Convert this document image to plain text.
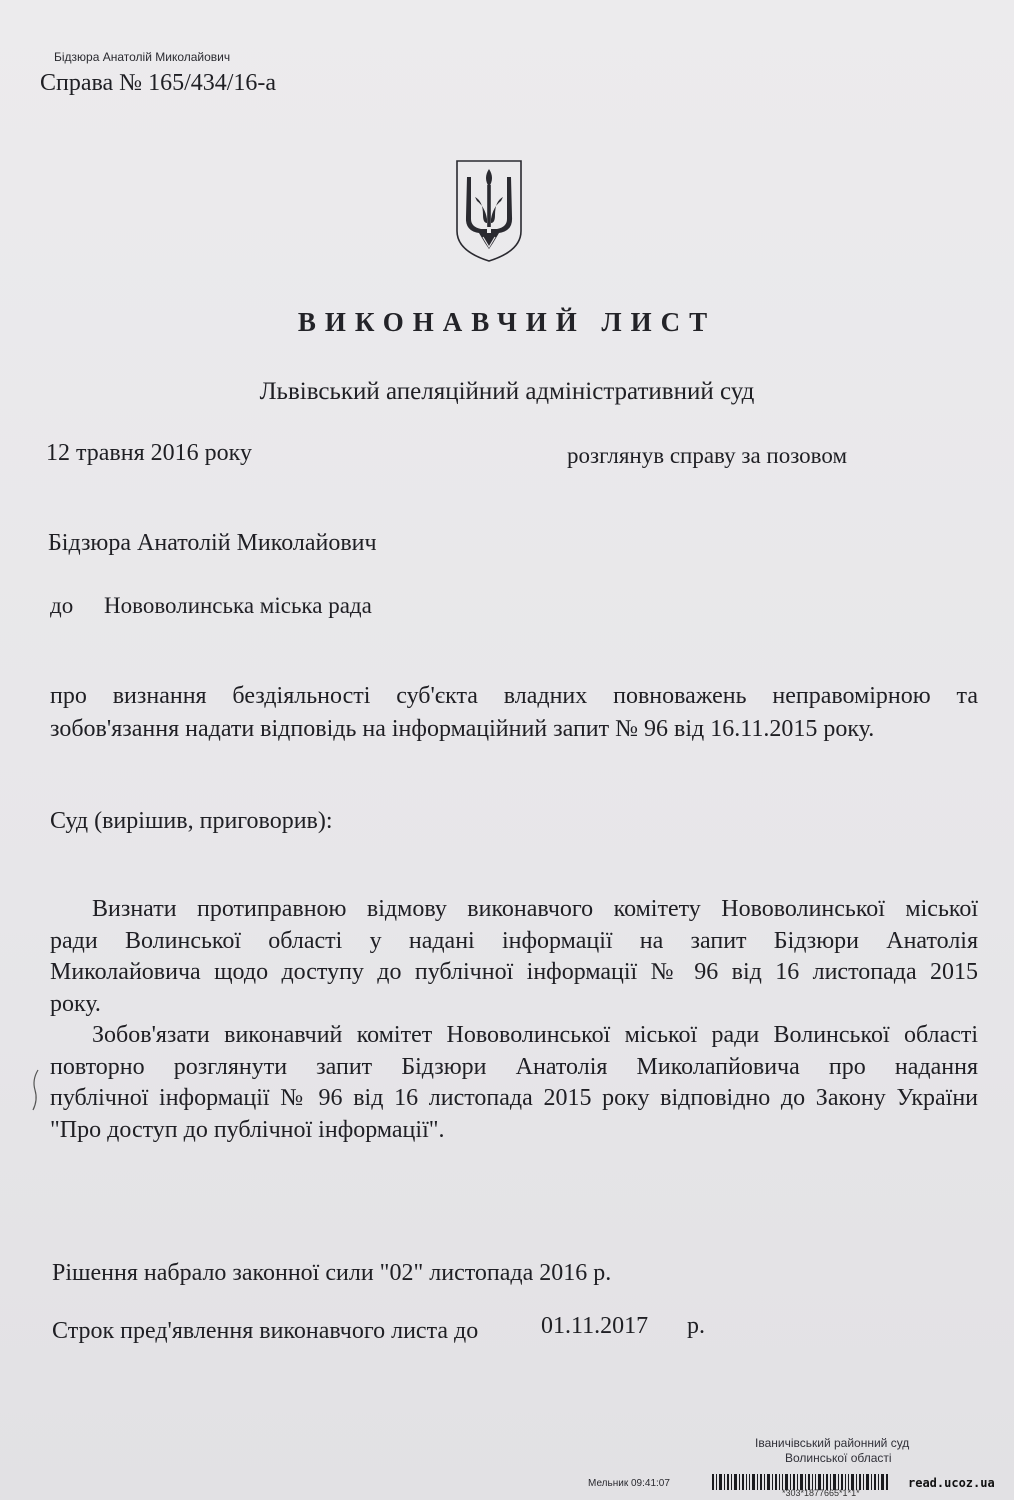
Бідзюра Анатолій Миколайович
Справа № 165/434/16-а
ВИКОНАВЧИЙ ЛИСТ
Львівський апеляційний адміністративний суд
12 травня 2016 року	розглянув справу за позовом
Бідзюра Анатолій Миколайович
до Нововолинська міська рада
про визнання бездіяльності суб'єкта владних повноважень неправомірною та
зобов'язання надати відповідь на інформаційний запит № 96 від 16.11.2015 року.
Суд (вирішив, приговорив):
Визнати протиправною відмову виконавчого комітету Нововолинської міської
ради Волинської області у надані інформації на запит Бідзюри Анатолія
Миколайовича щодо доступу до публічної інформації № 96 від 16 листопада 2015
року.
Зобов'язати виконавчий комітет Нововолинської міської ради Волинської області
повторно розглянути запит Бідзюри Анатолія Миколапйовича про надання
публічної інформації № 96 від 16 листопада 2015 року відповідно до Закону України
"Про доступ до публічної інформації".
Рішення набрало законної сили "02" листопада 2016 р.
Строк пред'явлення виконавчого листа до	01.11.2017 р.
Іваничівський районний суд
Волинської області
Мельник 09:41:07
*303*1877665*1*1*
read.ucoz.ua
